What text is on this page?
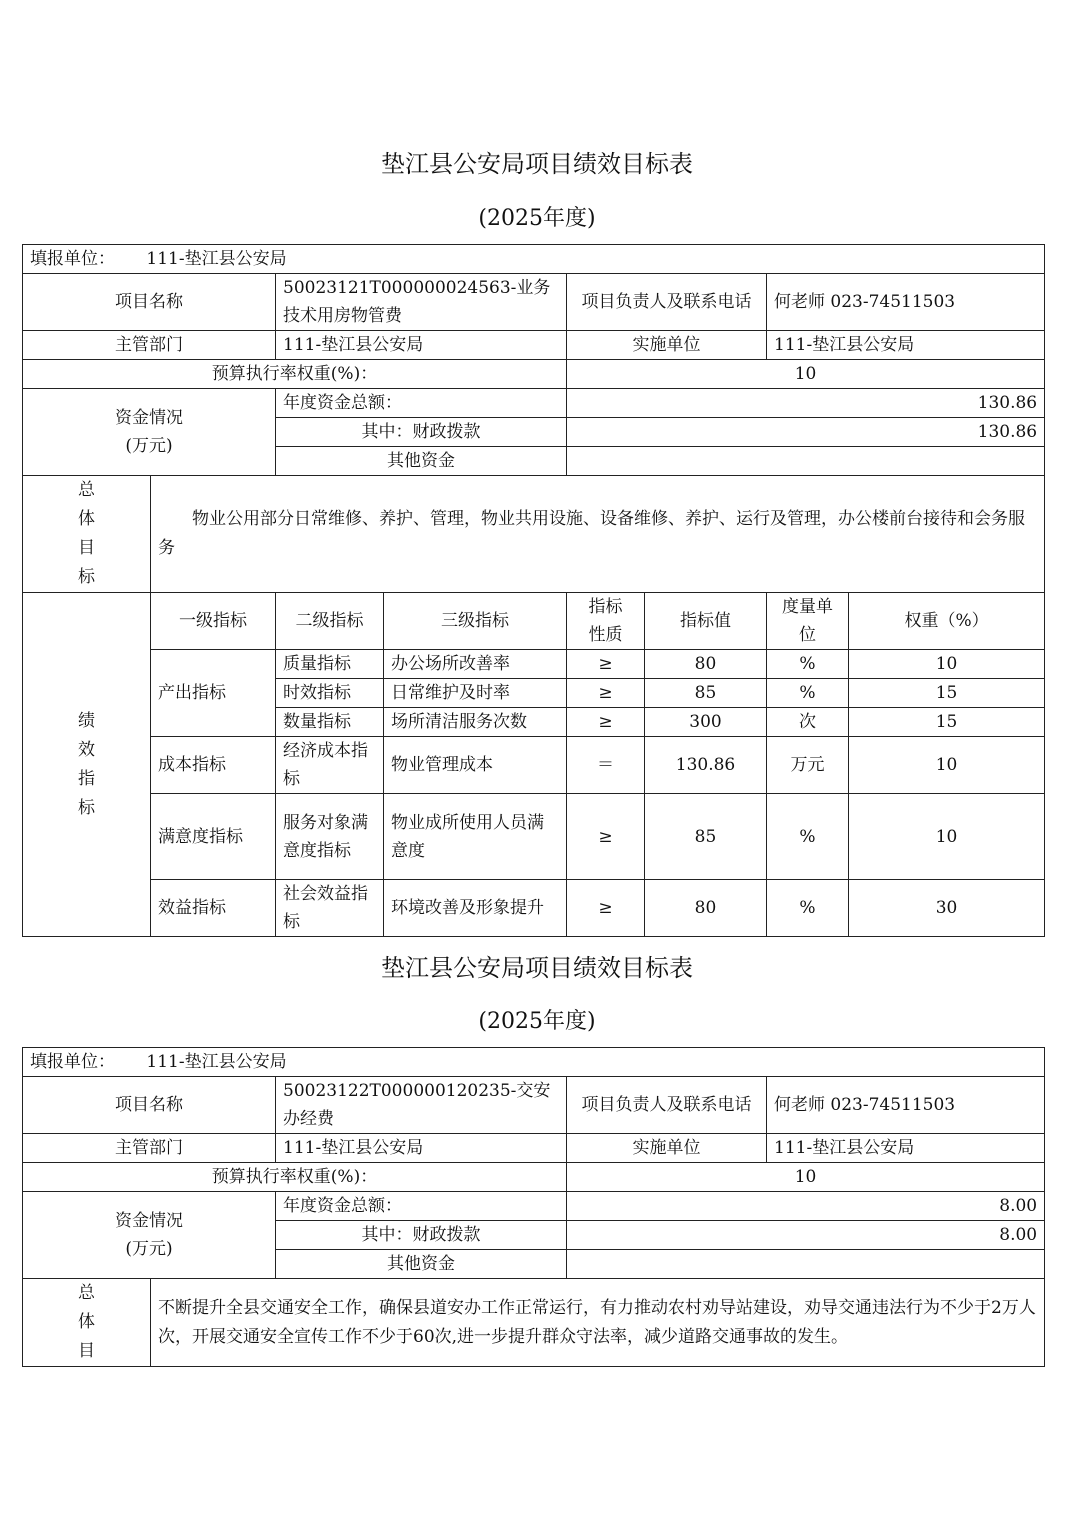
垫江县公安局项目绩效目标表
(2025年度)
填报单位： 111-垫江县公安局							
项目名称		50023121T000000024563-业务技术用房物管费		项目负责人及联系电话		何老师 023-74511503	
主管部门		111-垫江县公安局		实施单位		111-垫江县公安局	
预算执行率权重(%)：				10			

资金情况
(万元)		年度资金总额：		130.86			
		其中：财政拨款		130.86			
		其他资金					

总体目标	物业公用部分日常维修、养护、管理，物业共用设施、设备维修、养护、运行及管理，办公楼前台接待和会务服务						

绩效指标	一级指标	二级指标	三级指标	指标性质	指标值	度量单位	权重（%）
	产出指标	质量指标	办公场所改善率	≥	80	%	10
		时效指标	日常维护及时率	≥	85	%	15
		数量指标	场所清洁服务次数	≥	300	次	15
	成本指标	经济成本指标	物业管理成本	＝	130.86	万元	10
	满意度指标	服务对象满意度指标	物业成所使用人员满意度	≥	85	%	10
	效益指标	社会效益指标	环境改善及形象提升	≥	80	%	30
垫江县公安局项目绩效目标表
(2025年度)
填报单位： 111-垫江县公安局				
项目名称		50023122T000000120235-交安办经费	项目负责人及联系电话	何老师 023-74511503
主管部门		111-垫江县公安局	实施单位	111-垫江县公安局
预算执行率权重(%)：			10	

资金情况
(万元)		年度资金总额：	8.00	
		其中：财政拨款	8.00	
		其他资金		

总体目	不断提升全县交通安全工作，确保县道安办工作正常运行，有力推动农村劝导站建设，劝导交通违法行为不少于2万人次，开展交通安全宣传工作不少于60次,进一步提升群众守法率，减少道路交通事故的发生。			
